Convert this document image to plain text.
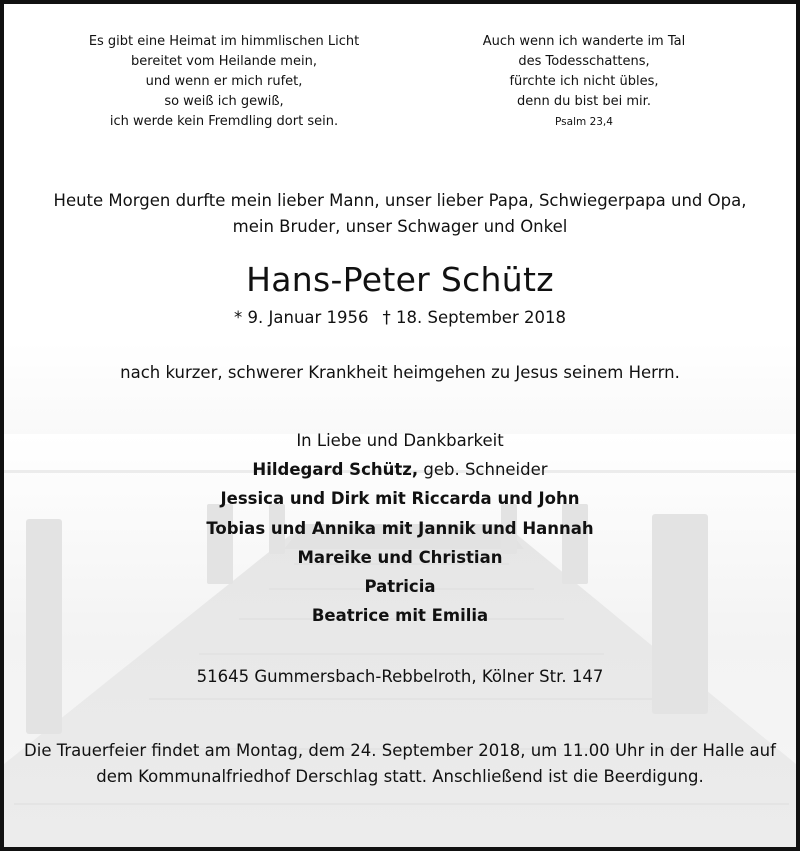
Es gibt eine Heimat im himmlischen Licht
bereitet vom Heilande mein,
und wenn er mich rufet,
so weiß ich gewiß,
ich werde kein Fremdling dort sein.
Auch wenn ich wanderte im Tal
des Todesschattens,
fürchte ich nicht übles,
denn du bist bei mir.
Psalm 23,4
Heute Morgen durfte mein lieber Mann, unser lieber Papa, Schwiegerpapa und Opa,
mein Bruder, unser Schwager und Onkel
Hans-Peter Schütz
* 9. Januar 1956 † 18. September 2018
nach kurzer, schwerer Krankheit heimgehen zu Jesus seinem Herrn.
In Liebe und Dankbarkeit
Hildegard Schütz, geb. Schneider
Jessica und Dirk mit Riccarda und John
Tobias und Annika mit Jannik und Hannah
Mareike und Christian
Patricia
Beatrice mit Emilia
51645 Gummersbach-Rebbelroth, Kölner Str. 147
Die Trauerfeier findet am Montag, dem 24. September 2018, um 11.00 Uhr in der Halle auf
dem Kommunalfriedhof Derschlag statt. Anschließend ist die Beerdigung.
